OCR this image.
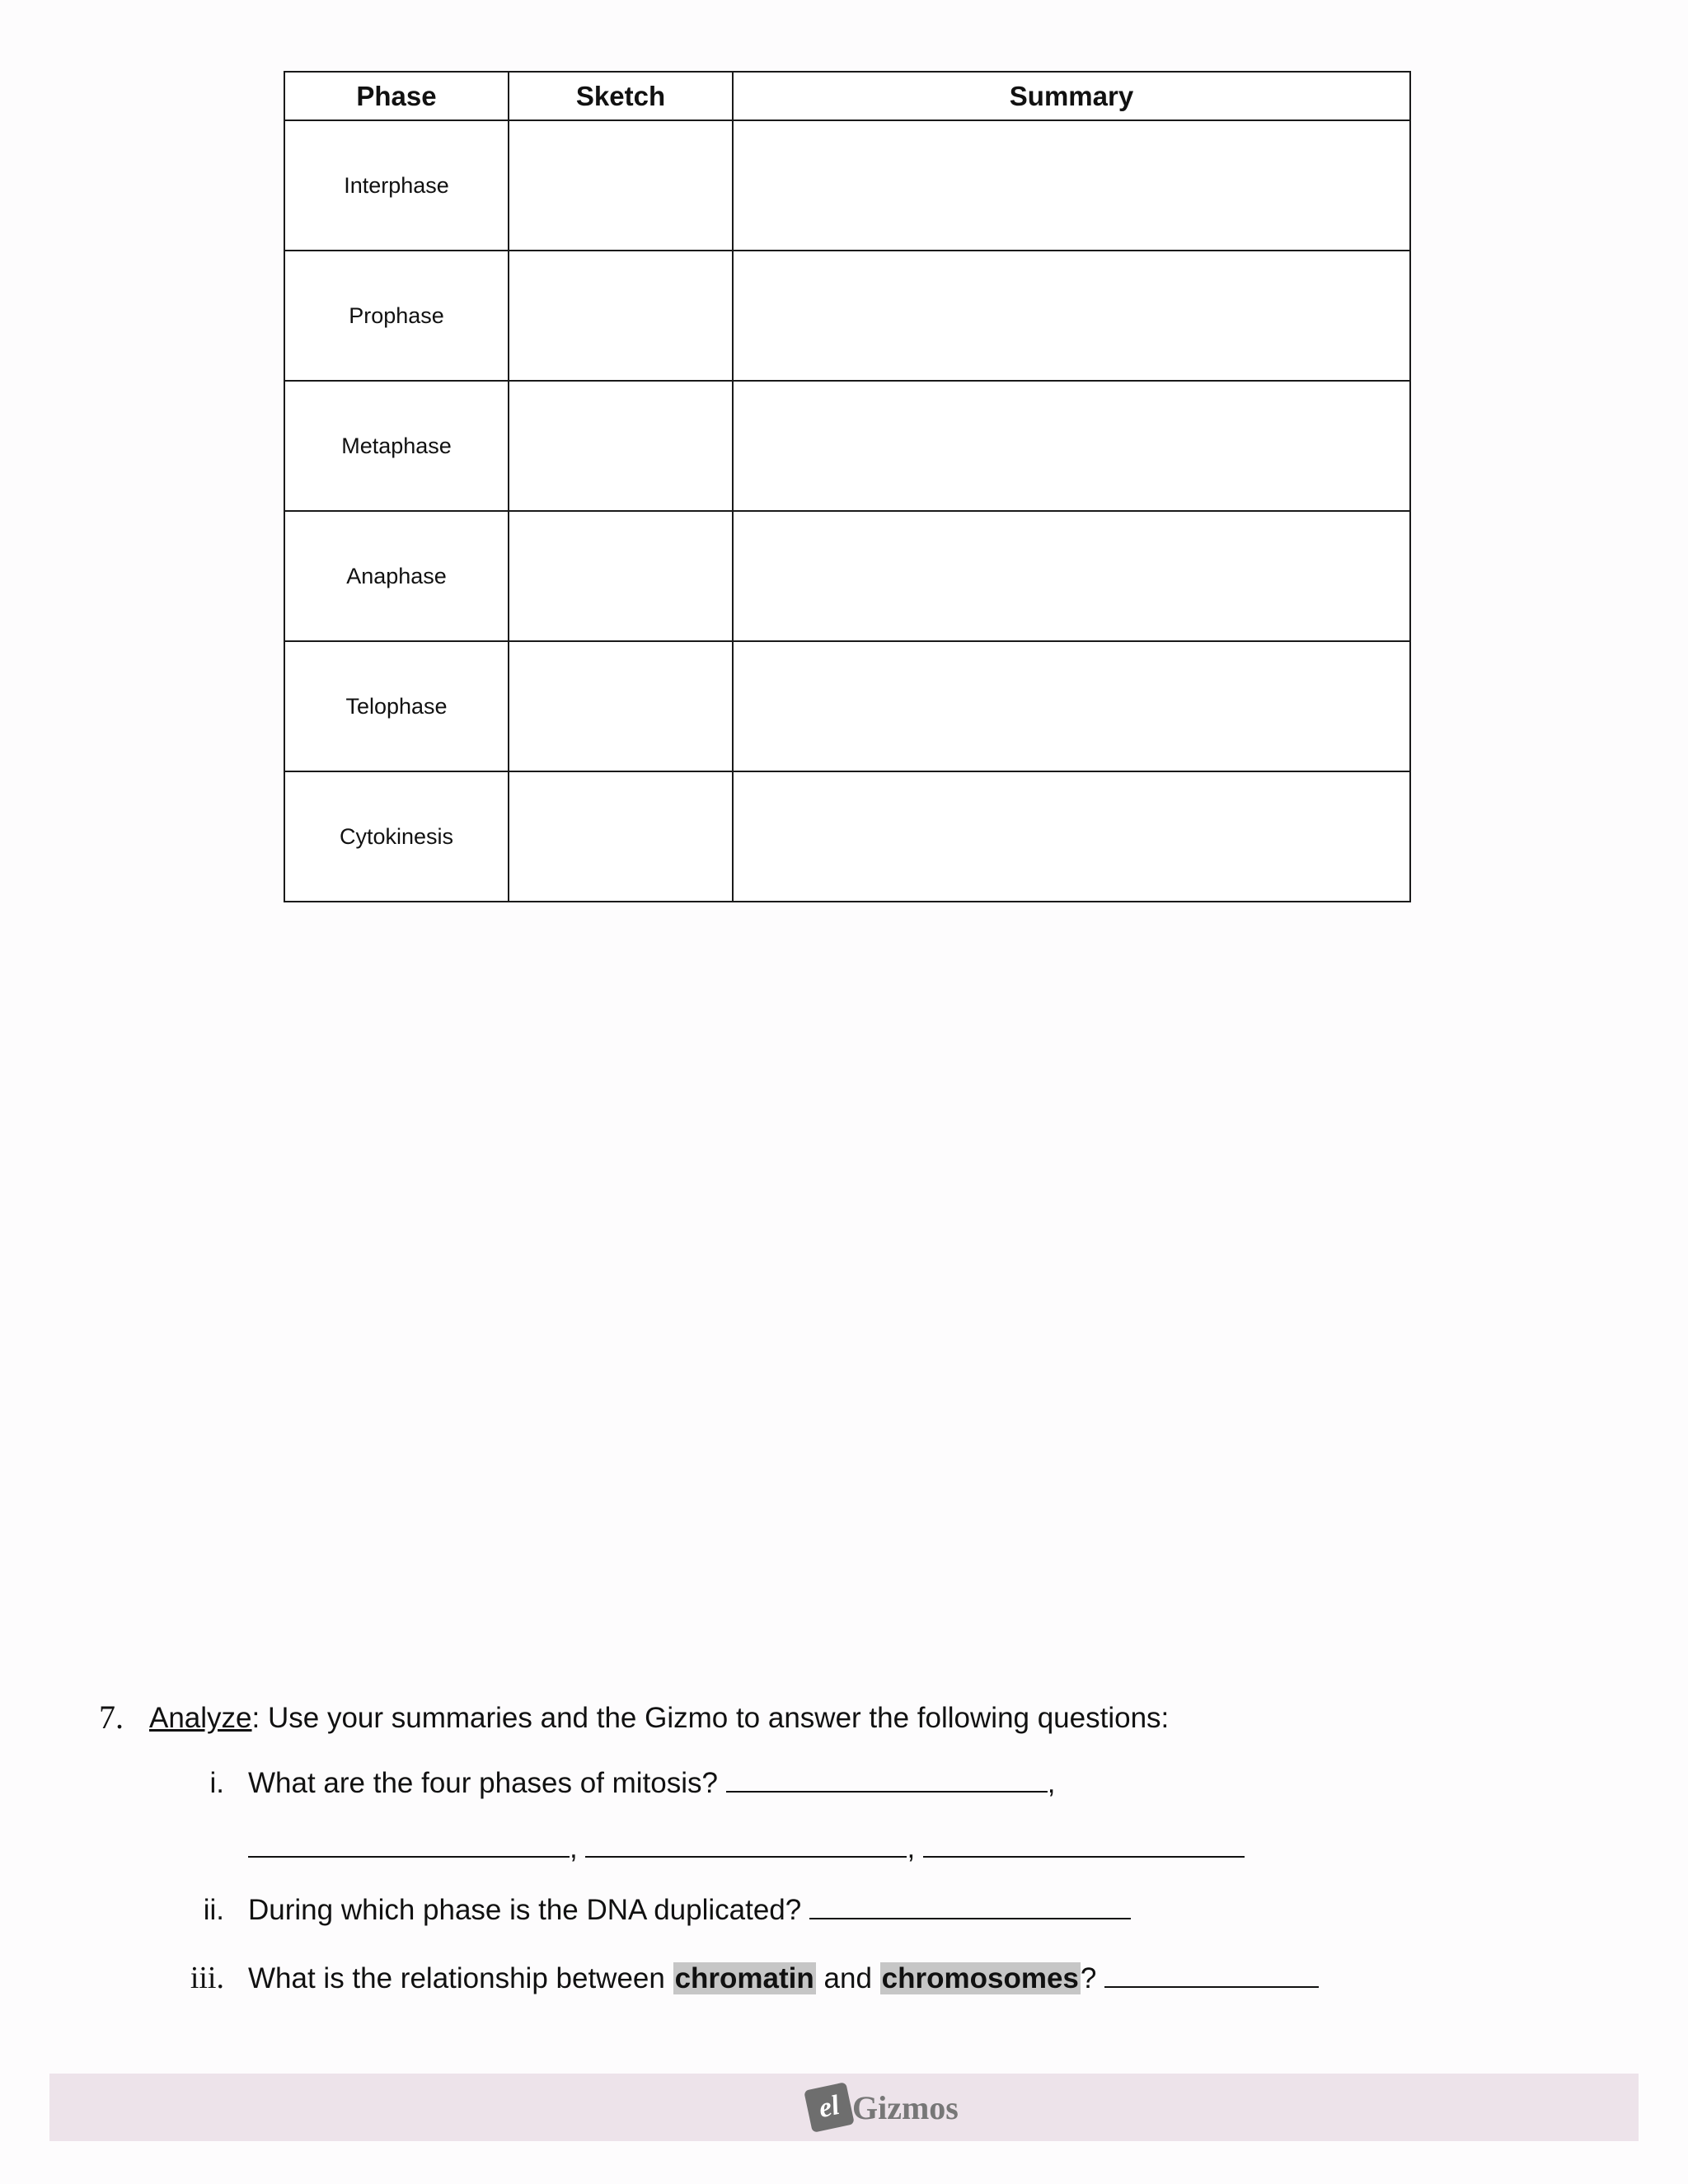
Phase	Sketch	Summary
Interphase		
Prophase		
Metaphase		
Anaphase		
Telophase		
Cytokinesis		
7. Analyze: Use your summaries and the Gizmo to answer the following questions:
i. What are the four phases of mitosis?	,
,	,
ii. During which phase is the DNA duplicated?
iii. What is the relationship between chromatin and chromosomes?
el Gizmos
